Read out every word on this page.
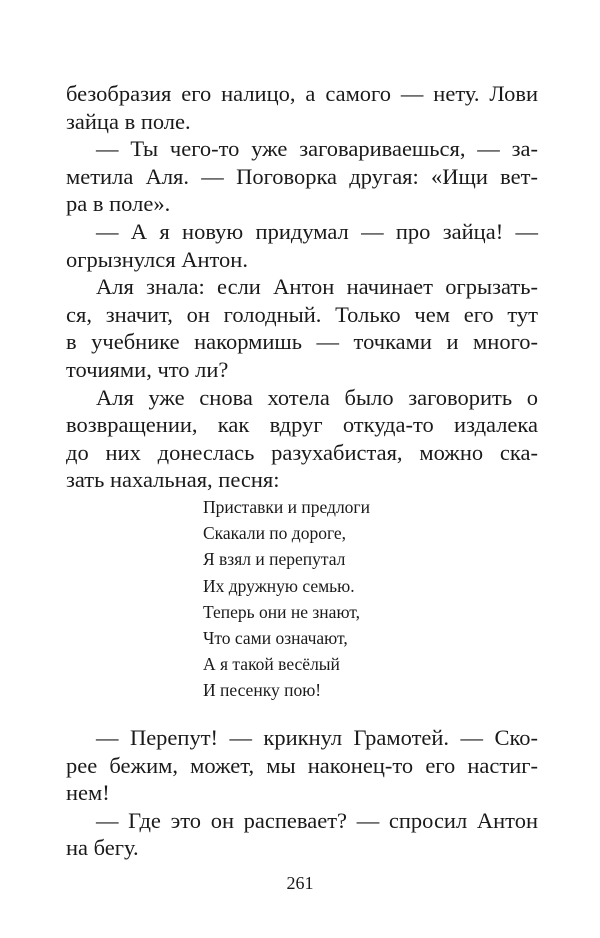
безобразия его налицо, а самого — нету. Лови
зайца в поле.
— Ты чего-то уже заговариваешься, — за-
метила Аля. — Поговорка другая: «Ищи вет-
ра в поле».
— А я новую придумал — про зайца! —
огрызнулся Антон.
Аля знала: если Антон начинает огрызать-
ся, значит, он голодный. Только чем его тут
в учебнике накормишь — точками и много-
точиями, что ли?
Аля уже снова хотела было заговорить о
возвращении, как вдруг откуда-то издалека
до них донеслась разухабистая, можно ска-
зать нахальная, песня:
Приставки и предлоги
Скакали по дороге,
Я взял и перепутал
Их дружную семью.
Теперь они не знают,
Что сами означают,
А я такой весёлый
И песенку пою!
— Перепут! — крикнул Грамотей. — Ско-
рее бежим, может, мы наконец-то его настиг-
нем!
— Где это он распевает? — спросил Антон
на бегу.
261
